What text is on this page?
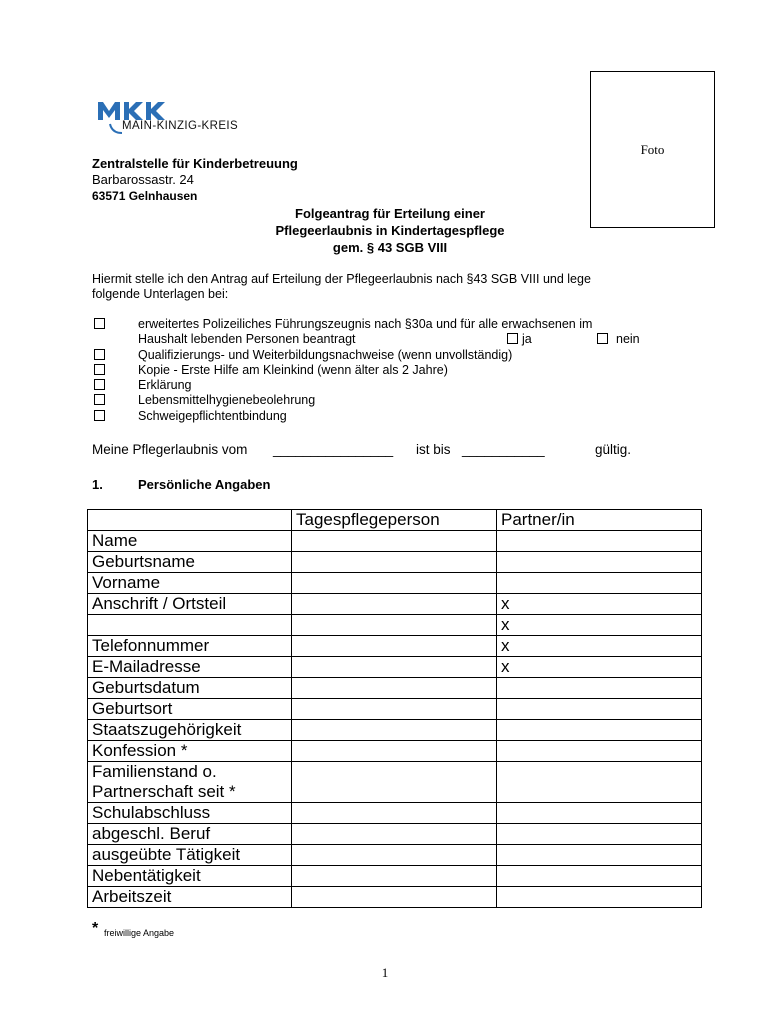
MAIN-KINZIG-KREIS
Foto
Zentralstelle für Kinderbetreuung
Barbarossastr. 24
63571 Gelnhausen
Folgeantrag für Erteilung einer
Pflegeerlaubnis in Kindertagespflege
gem. § 43 SGB VIII
Hiermit stelle ich den Antrag auf Erteilung der Pflegeerlaubnis nach §43 SGB VIII und lege
folgende Unterlagen bei:
erweitertes Polizeiliches Führungszeugnis nach §30a und für alle erwachsenen im
Haushalt lebenden Personen beantragt	ja	nein
Qualifizierungs- und Weiterbildungsnachweise (wenn unvollständig)
Kopie - Erste Hilfe am Kleinkind (wenn älter als 2 Jahre)
Erklärung
Lebensmittelhygienebeolehrung
Schweigepflichtentbindung
Meine Pflegerlaubnis vom ________________ ist bis ___________	gültig.
1.	Persönliche Angaben
	Tagespflegeperson	Partner/in
Name		
Geburtsname		
Vorname		
Anschrift / Ortsteil		x
		x
Telefonnummer		x
E-Mailadresse		x
Geburtsdatum		
Geburtsort		
Staatszugehörigkeit		
Konfession *		
Familienstand o.
Partnerschaft seit *		
Schulabschluss		
abgeschl. Beruf		
ausgeübte Tätigkeit		
Nebentätigkeit		
Arbeitszeit		
* freiwillige Angabe
1
